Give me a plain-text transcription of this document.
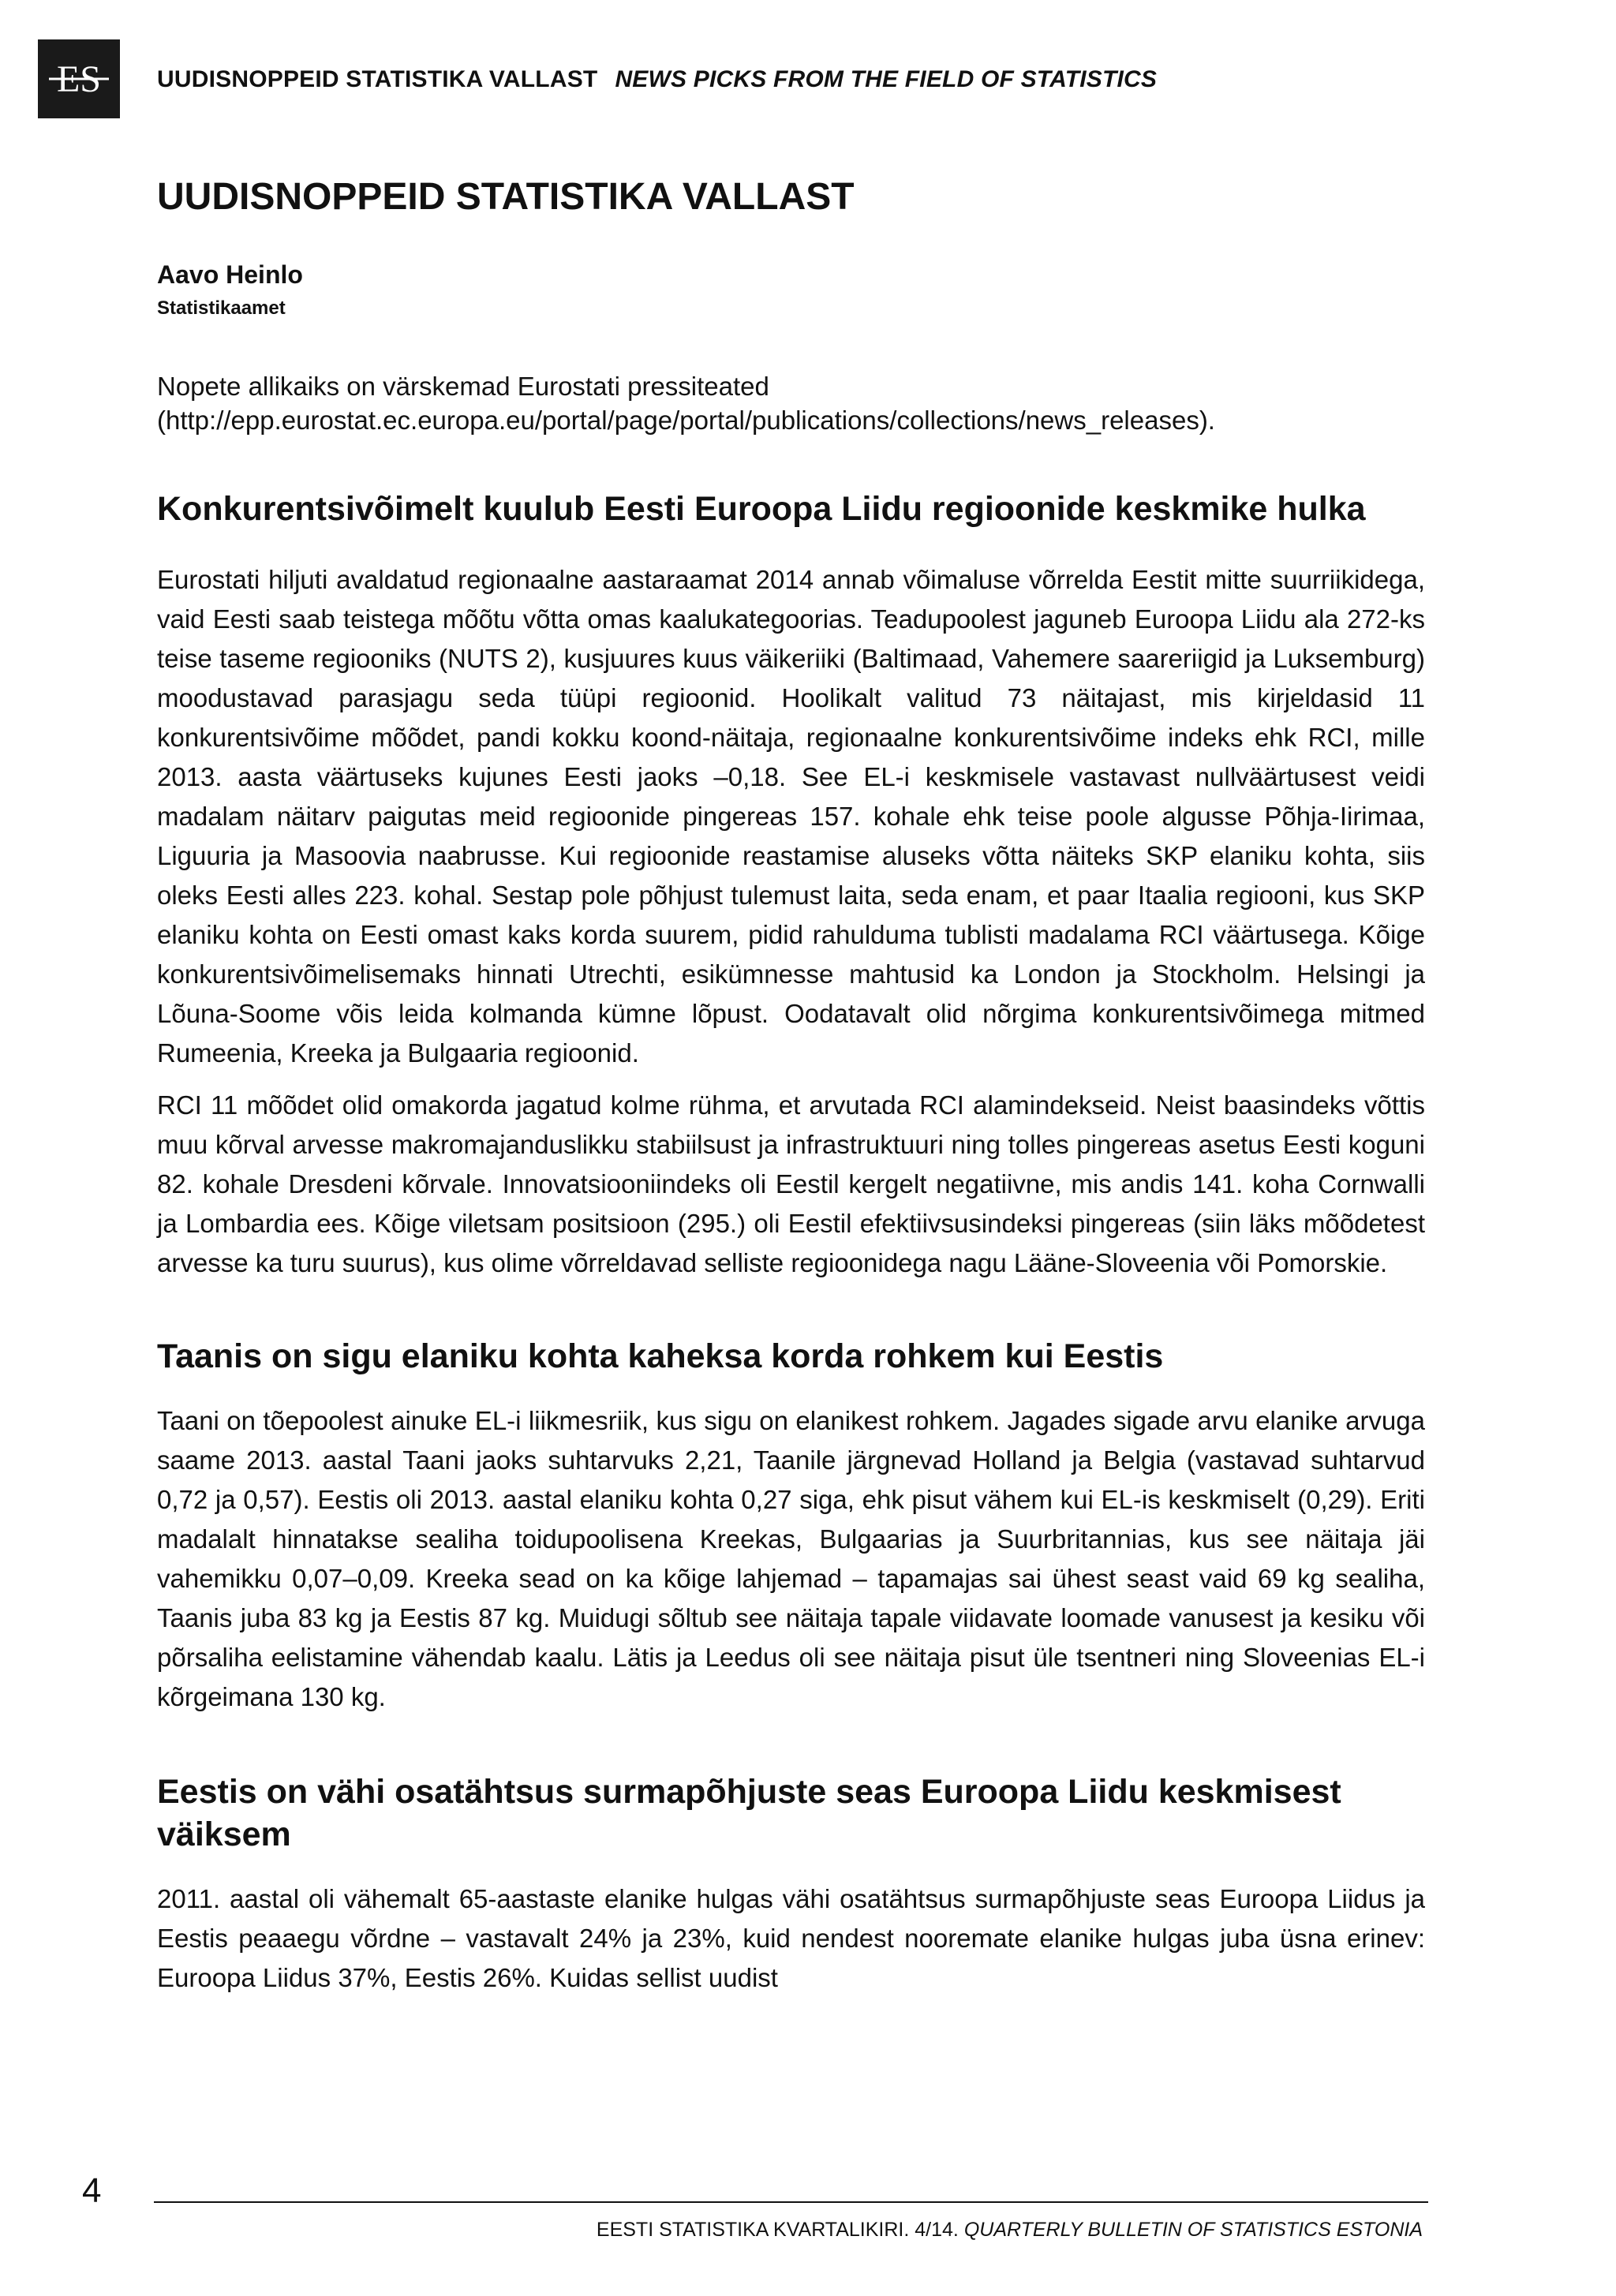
ES UUDISNOPPEID STATISTIKA VALLAST NEWS PICKS FROM THE FIELD OF STATISTICS
UUDISNOPPEID STATISTIKA VALLAST
Aavo Heinlo
Statistikaamet

Nopete allikaiks on värskemad Eurostati pressiteated
(http://epp.eurostat.ec.europa.eu/portal/page/portal/publications/collections/news_releases).

Konkurentsivõimelt kuulub Eesti Euroopa Liidu regioonide keskmike hulka

Eurostati hiljuti avaldatud regionaalne aastaraamat 2014 annab võimaluse võrrelda Eestit mitte suurriikidega, vaid Eesti saab teistega mõõtu võtta omas kaalukategoorias. Teadupoolest jaguneb Euroopa Liidu ala 272-ks teise taseme regiooniks (NUTS 2), kusjuures kuus väikeriiki (Baltimaad, Vahemere saareriigid ja Luksemburg) moodustavad parasjagu seda tüüpi regioonid. Hoolikalt valitud 73 näitajast, mis kirjeldasid 11 konkurentsivõime mõõdet, pandi kokku koond-näitaja, regionaalne konkurentsivõime indeks ehk RCI, mille 2013. aasta väärtuseks kujunes Eesti jaoks –0,18. See EL-i keskmisele vastavast nullväärtusest veidi madalam näitarv paigutas meid regioonide pingereas 157. kohale ehk teise poole algusse Põhja-Iirimaa, Liguuria ja Masoovia naabrusse. Kui regioonide reastamise aluseks võtta näiteks SKP elaniku kohta, siis oleks Eesti alles 223. kohal. Sestap pole põhjust tulemust laita, seda enam, et paar Itaalia regiooni, kus SKP elaniku kohta on Eesti omast kaks korda suurem, pidid rahulduma tublisti madalama RCI väärtusega. Kõige konkurentsivõimelisemaks hinnati Utrechti, esikümnesse mahtusid ka London ja Stockholm. Helsingi ja Lõuna-Soome võis leida kolmanda kümne lõpust. Oodatavalt olid nõrgima konkurentsivõimega mitmed Rumeenia, Kreeka ja Bulgaaria regioonid.

RCI 11 mõõdet olid omakorda jagatud kolme rühma, et arvutada RCI alamindekseid. Neist baasindeks võttis muu kõrval arvesse makromajanduslikku stabiilsust ja infrastruktuuri ning tolles pingereas asetus Eesti koguni 82. kohale Dresdeni kõrvale. Innovatsiooniindeks oli Eestil kergelt negatiivne, mis andis 141. koha Cornwalli ja Lombardia ees. Kõige viletsam positsioon (295.) oli Eestil efektiivsusindeksi pingereas (siin läks mõõdetest arvesse ka turu suurus), kus olime võrreldavad selliste regioonidega nagu Lääne-Sloveenia või Pomorskie.

Taanis on sigu elaniku kohta kaheksa korda rohkem kui Eestis

Taani on tõepoolest ainuke EL-i liikmesriik, kus sigu on elanikest rohkem. Jagades sigade arvu elanike arvuga saame 2013. aastal Taani jaoks suhtarvuks 2,21, Taanile järgnevad Holland ja Belgia (vastavad suhtarvud 0,72 ja 0,57). Eestis oli 2013. aastal elaniku kohta 0,27 siga, ehk pisut vähem kui EL-is keskmiselt (0,29). Eriti madalalt hinnatakse sealiha toidupoolisena Kreekas, Bulgaarias ja Suurbritannias, kus see näitaja jäi vahemikku 0,07–0,09. Kreeka sead on ka kõige lahjemad – tapamajas sai ühest seast vaid 69 kg sealiha, Taanis juba 83 kg ja Eestis 87 kg. Muidugi sõltub see näitaja tapale viidavate loomade vanusest ja kesiku või põrsaliha eelistamine vähendab kaalu. Lätis ja Leedus oli see näitaja pisut üle tsentneri ning Sloveenias EL-i kõrgeimana 130 kg.

Eestis on vähi osatähtsus surmapõhjuste seas Euroopa Liidu keskmisest väiksem

2011. aastal oli vähemalt 65-aastaste elanike hulgas vähi osatähtsus surmapõhjuste seas Euroopa Liidus ja Eestis peaaegu võrdne – vastavalt 24% ja 23%, kuid nendest nooremate elanike hulgas juba üsna erinev: Euroopa Liidus 37%, Eestis 26%. Kuidas sellist uudist

4
EESTI STATISTIKA KVARTALIKIRI. 4/14. QUARTERLY BULLETIN OF STATISTICS ESTONIA
